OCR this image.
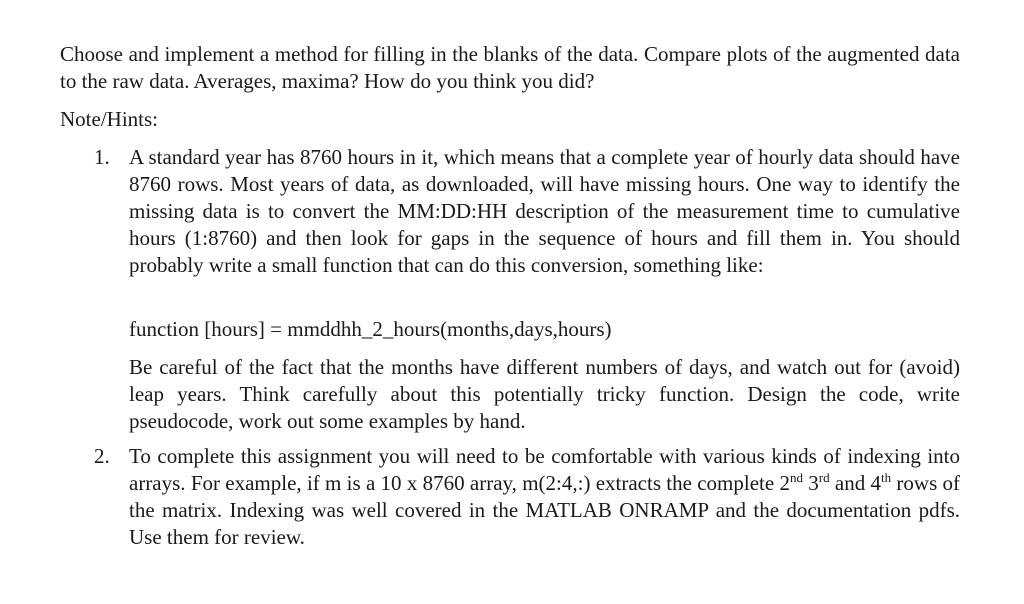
Choose and implement a method for filling in the blanks of the data. Compare plots of the augmented data to the raw data. Averages, maxima? How do you think you did?

Note/Hints:

1. A standard year has 8760 hours in it, which means that a complete year of hourly data should have 8760 rows. Most years of data, as downloaded, will have missing hours. One way to identify the missing data is to convert the MM:DD:HH description of the measurement time to cumulative hours (1:8760) and then look for gaps in the sequence of hours and fill them in. You should probably write a small function that can do this conversion, something like:

function [hours] = mmddhh_2_hours(months,days,hours)

Be careful of the fact that the months have different numbers of days, and watch out for (avoid) leap years. Think carefully about this potentially tricky function. Design the code, write pseudocode, work out some examples by hand.

2. To complete this assignment you will need to be comfortable with various kinds of indexing into arrays. For example, if m is a 10 x 8760 array, m(2:4,:) extracts the complete 2nd 3rd and 4th rows of the matrix. Indexing was well covered in the MATLAB ONRAMP and the documentation pdfs. Use them for review.
